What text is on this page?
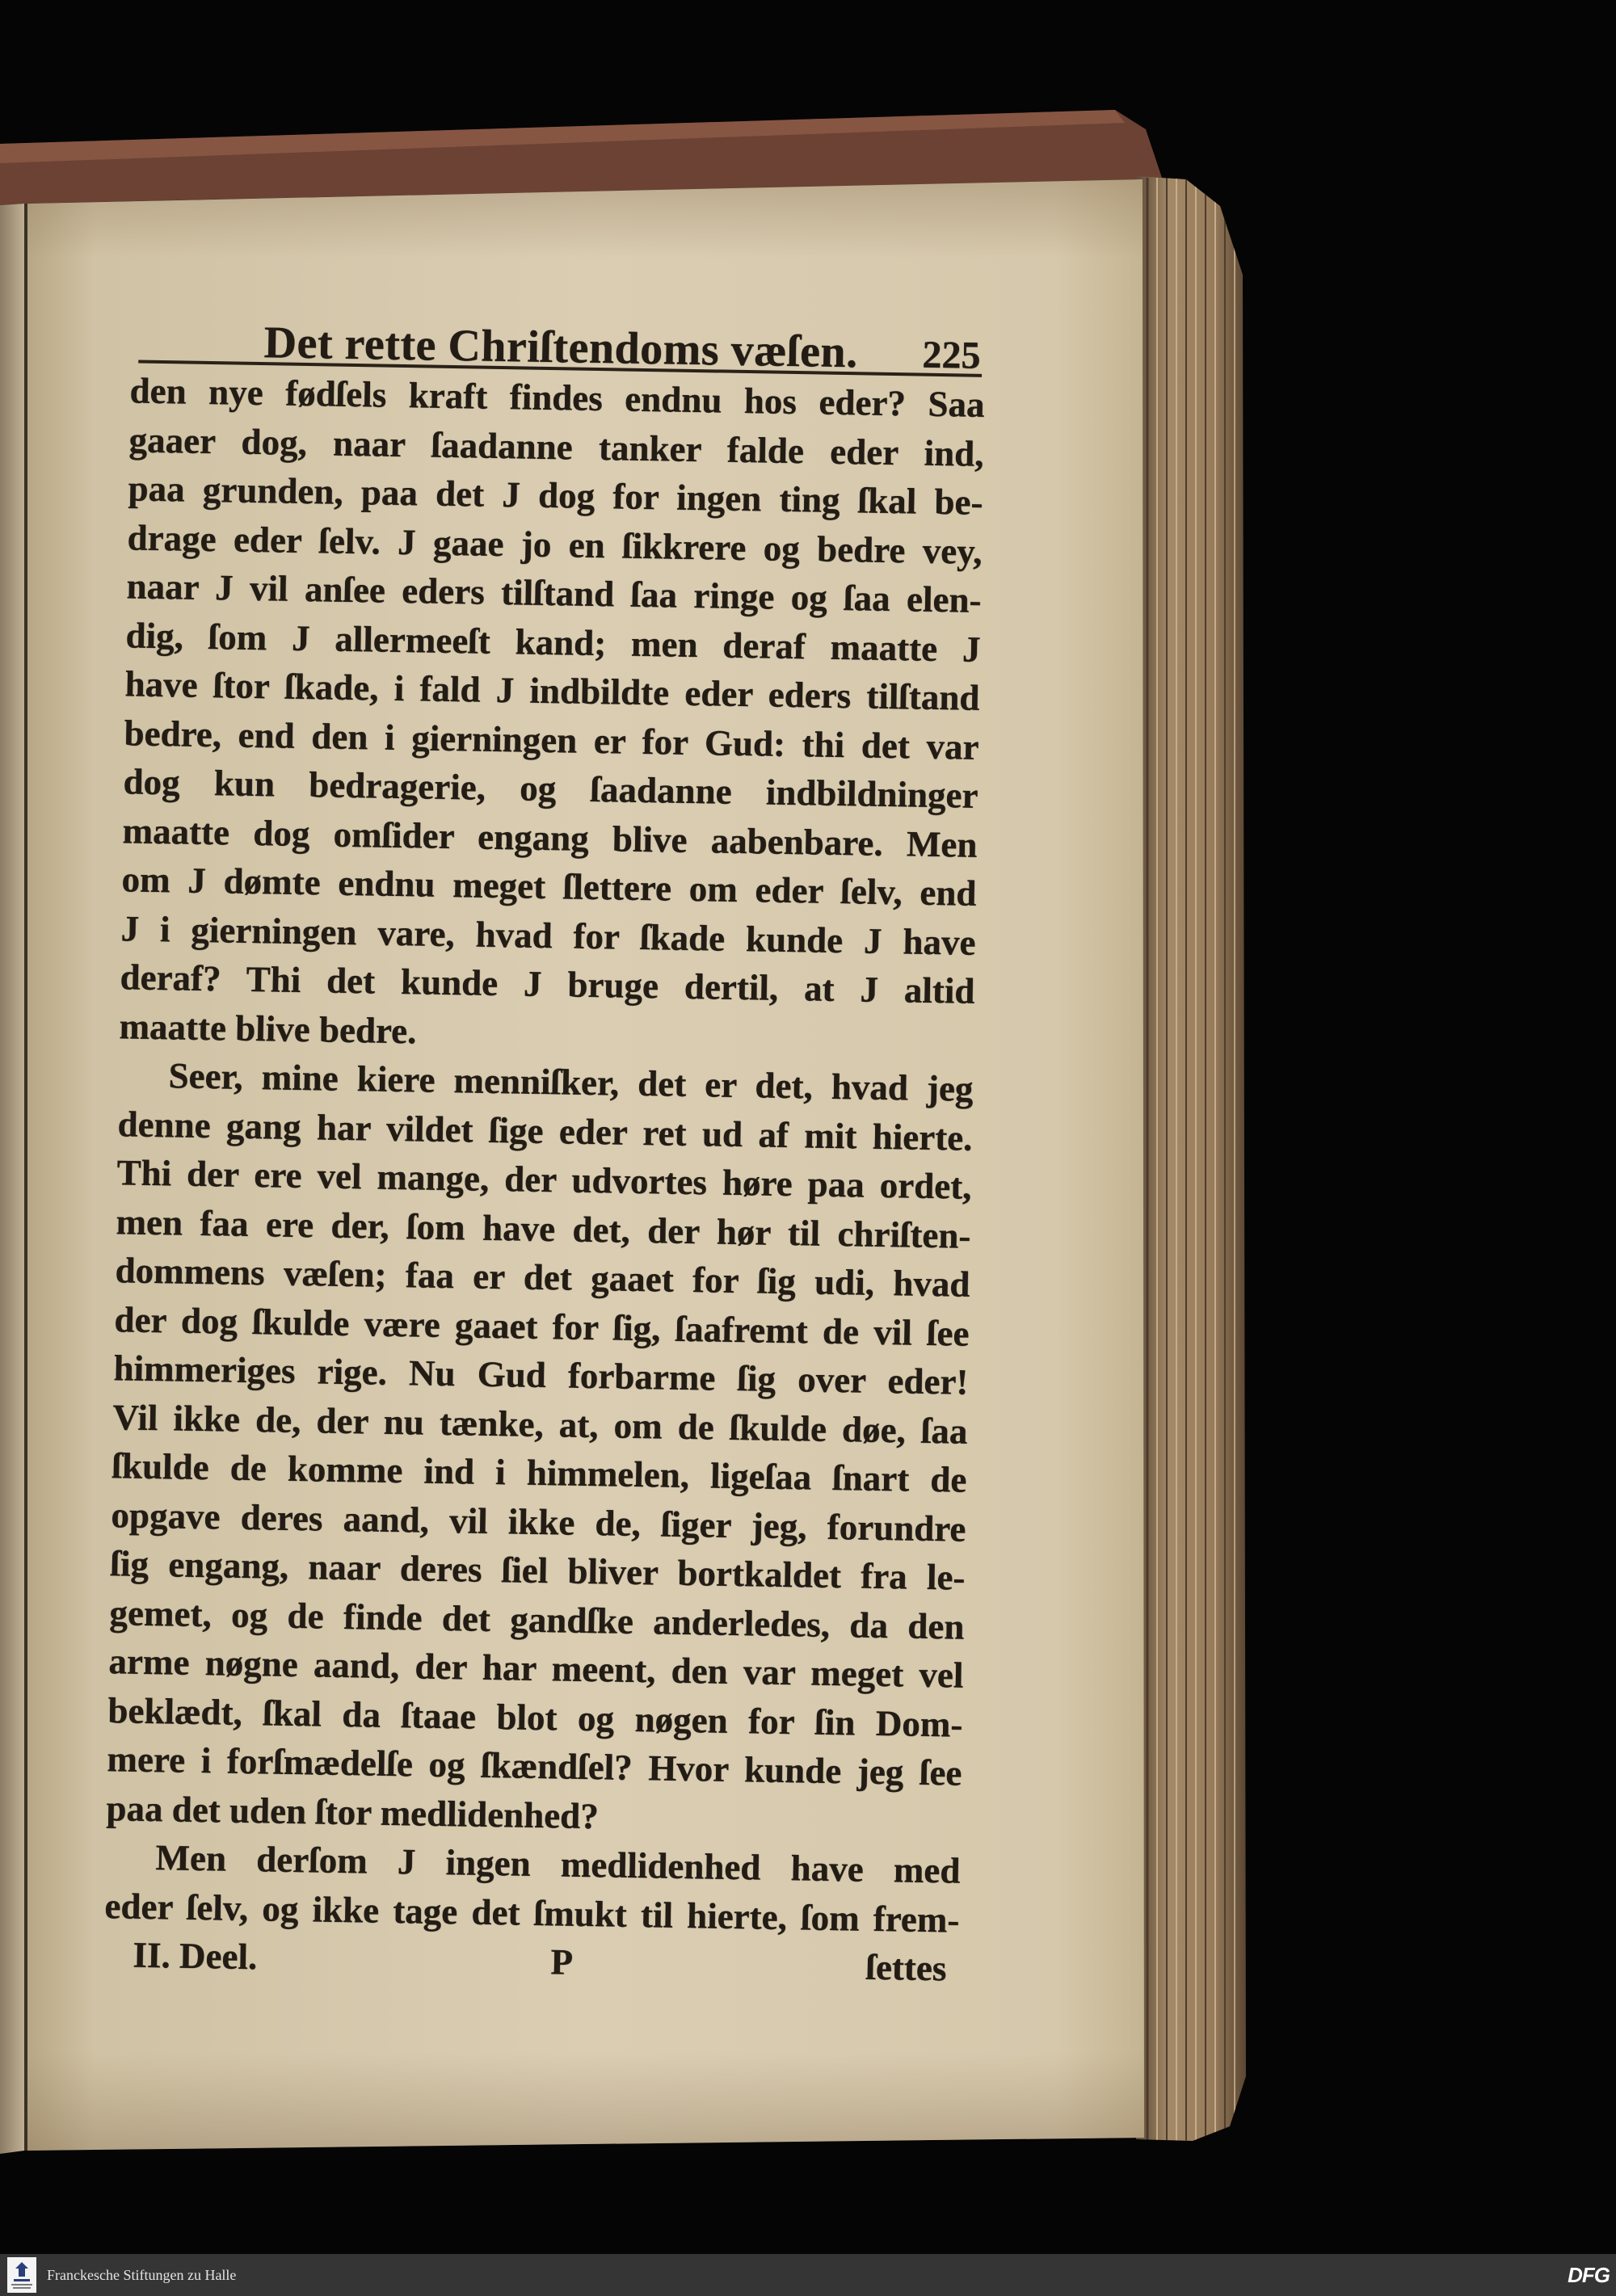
Det rette Chriſtendoms væſen. 225
den nye fødſels kraft findes endnu hos eder? Saa
gaaer dog, naar ſaadanne tanker falde eder ind,
paa grunden, paa det J dog for ingen ting ſkal be-
drage eder ſelv. J gaae jo en ſikkrere og bedre vey,
naar J vil anſee eders tilſtand ſaa ringe og ſaa elen-
dig, ſom J allermeeſt kand; men deraf maatte J
have ſtor ſkade, i fald J indbildte eder eders tilſtand
bedre, end den i gierningen er for Gud: thi det var
dog kun bedragerie, og ſaadanne indbildninger
maatte dog omſider engang blive aabenbare. Men
om J dømte endnu meget ſlettere om eder ſelv, end
J i gierningen vare, hvad for ſkade kunde J have
deraf? Thi det kunde J bruge dertil, at J altid
maatte blive bedre.
Seer, mine kiere menniſker, det er det, hvad jeg
denne gang har vildet ſige eder ret ud af mit hierte.
Thi der ere vel mange, der udvortes høre paa ordet,
men faa ere der, ſom have det, der hør til chriſten-
dommens væſen; faa er det gaaet for ſig udi, hvad
der dog ſkulde være gaaet for ſig, ſaafremt de vil ſee
himmeriges rige. Nu Gud forbarme ſig over eder!
Vil ikke de, der nu tænke, at, om de ſkulde døe, ſaa
ſkulde de komme ind i himmelen, ligeſaa ſnart de
opgave deres aand, vil ikke de, ſiger jeg, forundre
ſig engang, naar deres ſiel bliver bortkaldet fra le-
gemet, og de finde det gandſke anderledes, da den
arme nøgne aand, der har meent, den var meget vel
beklædt, ſkal da ſtaae blot og nøgen for ſin Dom-
mere i forſmædelſe og ſkændſel? Hvor kunde jeg ſee
paa det uden ſtor medlidenhed?
Men derſom J ingen medlidenhed have med
eder ſelv, og ikke tage det ſmukt til hierte, ſom frem-
II. Deel.	P	ſettes
Franckesche Stiftungen zu Halle	DFG
